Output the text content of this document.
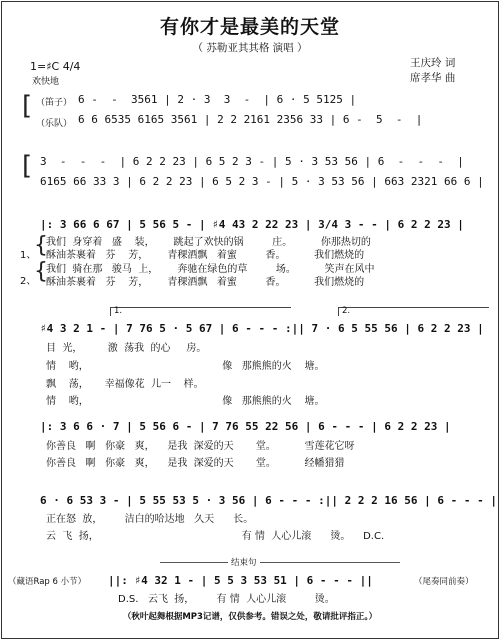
有你才是最美的天堂
（ 苏勒亚其其格 演唱 ）
1=♯C 4/4
欢快地
王庆玲 词
席孝华 曲
[ （笛子）
（乐队）
6 -  -  3561 | 2 · 3  3  -  | 6 · 5 5125 |
6 6 6535 6165 3561 | 2 2 2161 2356 33 | 6 -  5  -  |
[ 3  -  -  -  | 6 2 2 23 | 6 5 2 3 - | 5 · 3 53 56 | 6  -  -  -  |
6165 66 33 3 | 6 2 2 23 | 6 5 2 3 - | 5 · 3 53 56 | 663 2321 66 6 |
|: 3 66 6 67 | 5 56 5 - | ♯4 43 2 22 23 | 3/4 3 - - | 6 2 2 23 |
1、
2、
{
{
我们  身穿着   盛    装，      跳起了欢快的锅         庄。         你那热切的
酥油茶裹着   芬    芳，      青稞酒飘   着蜜         香。         我们燃烧的
我们  骑在那   骏马  上，      奔驰在绿色的草         场。         笑声在风中
酥油茶裹着   芬    芳，      青稞酒飘   着蜜         香。         我们燃烧的
1.	2.
♯4 3 2 1 - | 7 76 5 · 5 67 | 6 - - - :|| 7 · 6 5 55 56 | 6 2 2 23 |
目  光，        激  荡我  的心     房。
情    哟，                                          像   那熊熊的火    塘。
飘    荡，     幸福像花  儿一    样。
情    哟，                                          像   那熊熊的火    塘。
|: 3 6 6 · 7 | 5 56 6 - | 7 76 55 22 56 | 6 - - - | 6 2 2 23 |
你善良   啊   你豪   爽，    是我  深爱的天       堂。         雪莲花它呀
你善良   啊   你豪   爽，    是我  深爱的天       堂。         经幡猎猎
6 · 6 53 3 - | 5 55 53 5 · 3 56 | 6 - - - :|| 2 2 2 16 56 | 6 - - - |
正在怒  放，       洁白的哈达地   久天      长。
云  飞  扬，                                             有 情  人心儿滚      烫。    D.C.
结束句
（藏语Rap 6 小节） ||: ♯4 32 1 - | 5 5 3 53 51 | 6 - - - ||	（尾奏同前奏）
D.S.   云飞  扬，       有 情  人心儿滚         烫。
（秋叶起舞根据MP3记谱，仅供参考。错误之处，敬请批评指正。）
